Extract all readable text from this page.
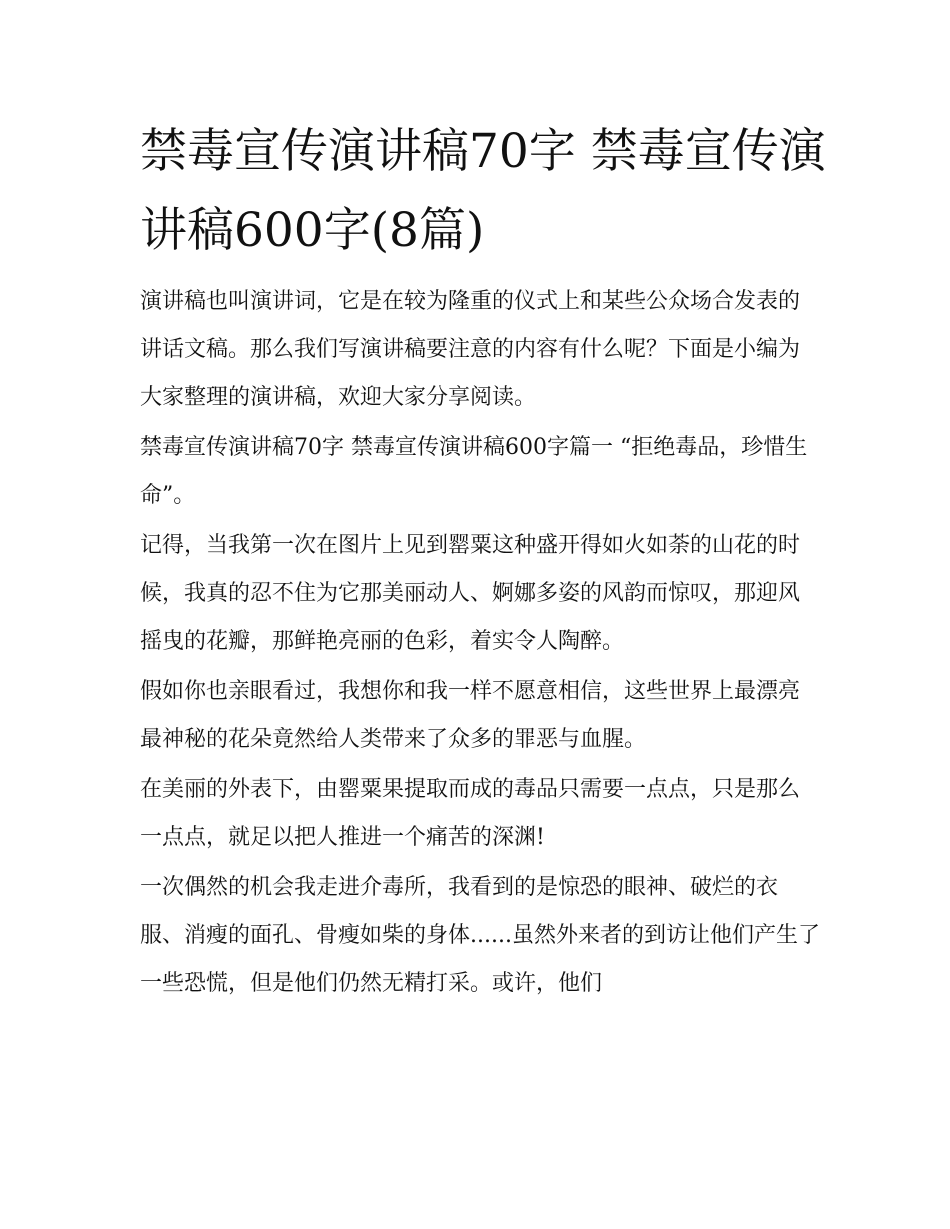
禁毒宣传演讲稿70字 禁毒宣传演讲稿600字(8篇)

演讲稿也叫演讲词，它是在较为隆重的仪式上和某些公众场合发表的讲话文稿。那么我们写演讲稿要注意的内容有什么呢？下面是小编为大家整理的演讲稿，欢迎大家分享阅读。

禁毒宣传演讲稿70字 禁毒宣传演讲稿600字篇一 “拒绝毒品，珍惜生命”。

记得，当我第一次在图片上见到罂粟这种盛开得如火如荼的山花的时候，我真的忍不住为它那美丽动人、婀娜多姿的风韵而惊叹，那迎风摇曳的花瓣，那鲜艳亮丽的色彩，着实令人陶醉。

假如你也亲眼看过，我想你和我一样不愿意相信，这些世界上最漂亮最神秘的花朵竟然给人类带来了众多的罪恶与血腥。

在美丽的外表下，由罂粟果提取而成的毒品只需要一点点，只是那么一点点，就足以把人推进一个痛苦的深渊!

一次偶然的机会我走进介毒所，我看到的是惊恐的眼神、破烂的衣服、消瘦的面孔、骨瘦如柴的身体......虽然外来者的到访让他们产生了一些恐慌，但是他们仍然无精打采。或许，他们
